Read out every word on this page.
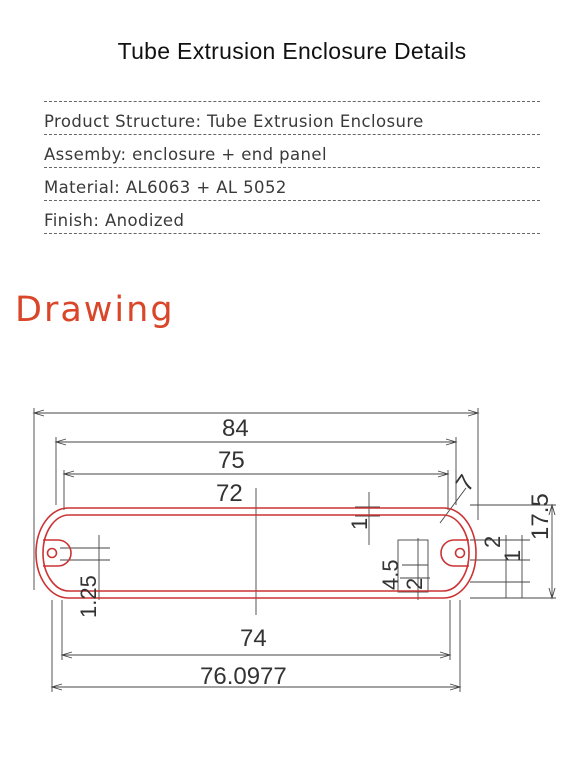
Tube Extrusion Enclosure Details
Product Structure: Tube Extrusion Enclosure
Assemby: enclosure + end panel
Material: AL6063 + AL 5052
Finish: Anodized
Drawing
84
75
72	7
1
4.5 2
2
1
17.5
1.25
74
76.0977
